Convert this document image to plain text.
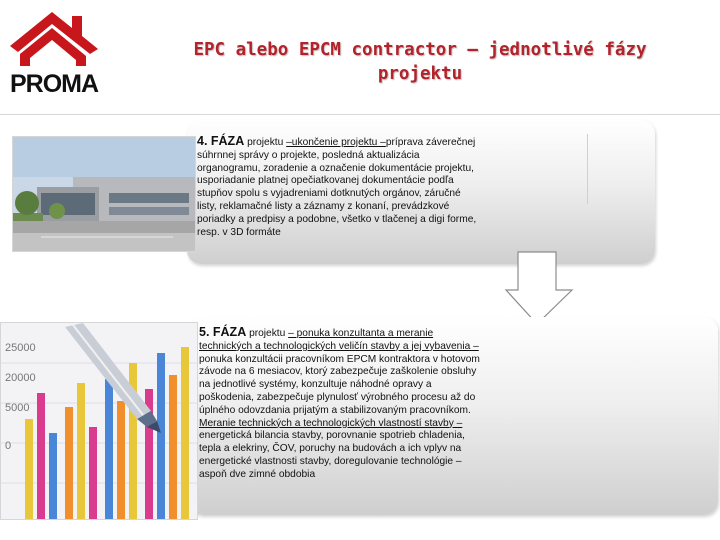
PROMA
EPC alebo EPCM contractor – jednotlivé fázy projektu
4. FÁZA projektu –ukončenie projektu –príprava záverečnej súhrnnej správy o projekte, posledná aktualizácia organogramu, zoradenie a označenie dokumentácie projektu, usporiadanie platnej opečiatkovanej dokumentácie podľa stupňov spolu s vyjadreniami dotknutých orgánov, záručné listy, reklamačné listy a záznamy z konaní, prevádzkové poriadky a predpisy a podobne, všetko v tlačenej a digi forme, resp. v 3D formáte
25000
20000
5000
0
5. FÁZA projektu – ponuka konzultanta a meranie technických a technologických veličín stavby a jej vybavenia – ponuka konzultácii pracovníkom EPCM kontraktora v hotovom závode na 6 mesiacov, ktorý zabezpečuje zaškolenie obsluhy na jednotlivé systémy, konzultuje náhodné opravy a poškodenia, zabezpečuje plynulosť výrobného procesu až do úplného odovzdania prijatým a stabilizovaným pracovníkom. Meranie technických a technologických vlastností stavby –energetická bilancia stavby, porovnanie spotrieb chladenia, tepla a elekriny, ČOV, poruchy na budovách a ich vplyv na energetické vlastnosti stavby, doregulovanie technológie – aspoň dve zimné obdobia
